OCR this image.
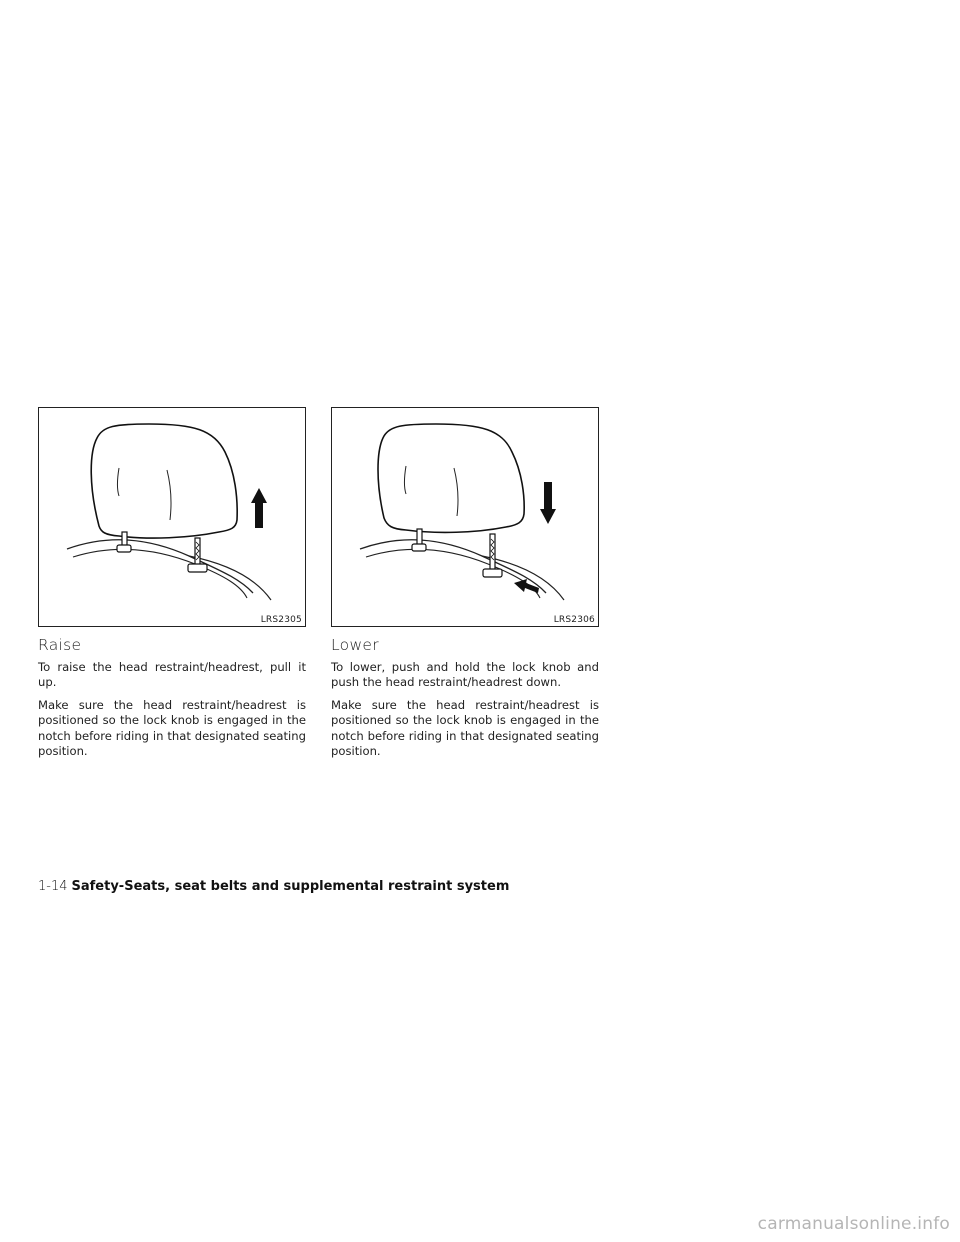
LRS2305	LRS2306
Raise

To raise the head restraint/headrest, pull it up.

Make sure the head restraint/headrest is positioned so the lock knob is engaged in the notch before riding in that designated seating position.

Lower

To lower, push and hold the lock knob and push the head restraint/headrest down.

Make sure the head restraint/headrest is positioned so the lock knob is engaged in the notch before riding in that designated seating position.

1-14 Safety-Seats, seat belts and supplemental restraint system
carmanualsonline.info
